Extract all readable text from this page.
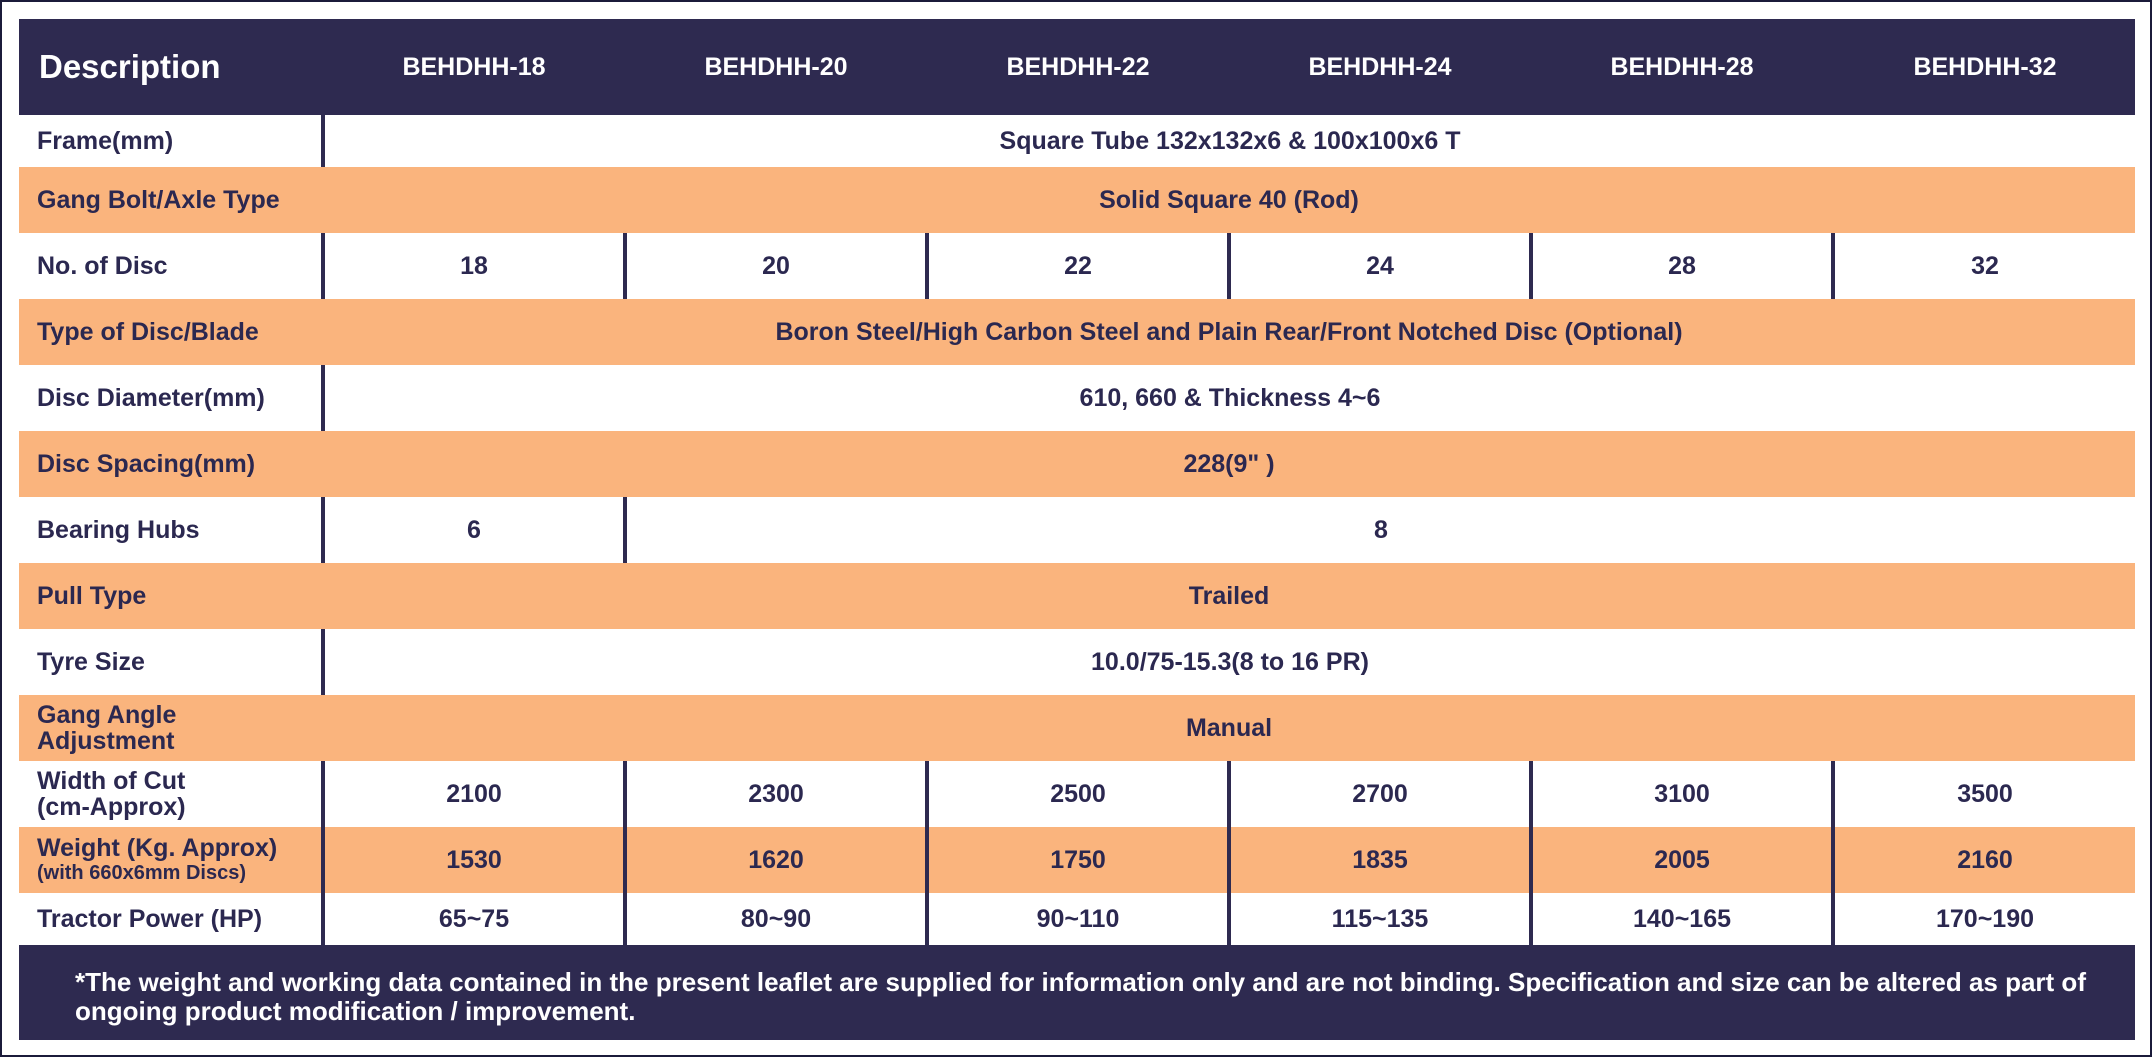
Description	BEHDHH-18	BEHDHH-20	BEHDHH-22	BEHDHH-24	BEHDHH-28	BEHDHH-32
Frame(mm)	Square Tube 132x132x6 & 100x100x6 T					
Gang Bolt/Axle Type	Solid Square 40 (Rod)					
No. of Disc	18	20	22	24	28	32
Type of Disc/Blade	Boron Steel/High Carbon Steel and Plain Rear/Front Notched Disc (Optional)					
Disc Diameter(mm)	610, 660 & Thickness 4~6					
Disc Spacing(mm)	228(9" )					
Bearing Hubs	6	8				
Pull Type	Trailed					
Tyre Size	10.0/75-15.3(8 to 16 PR)					

Gang Angle
Adjustment	Manual					

Width of Cut
(cm-Approx)	2100	2300	2500	2700	3100	3500

Weight (Kg. Approx)
(with 660x6mm Discs)	1530	1620	1750	1835	2005	2160
Tractor Power (HP)	65~75	80~90	90~110	115~135	140~165	170~190
*The weight and working data contained in the present leaflet are supplied for information only and are not binding. Specification and size can be altered as part of ongoing product modification / improvement.
